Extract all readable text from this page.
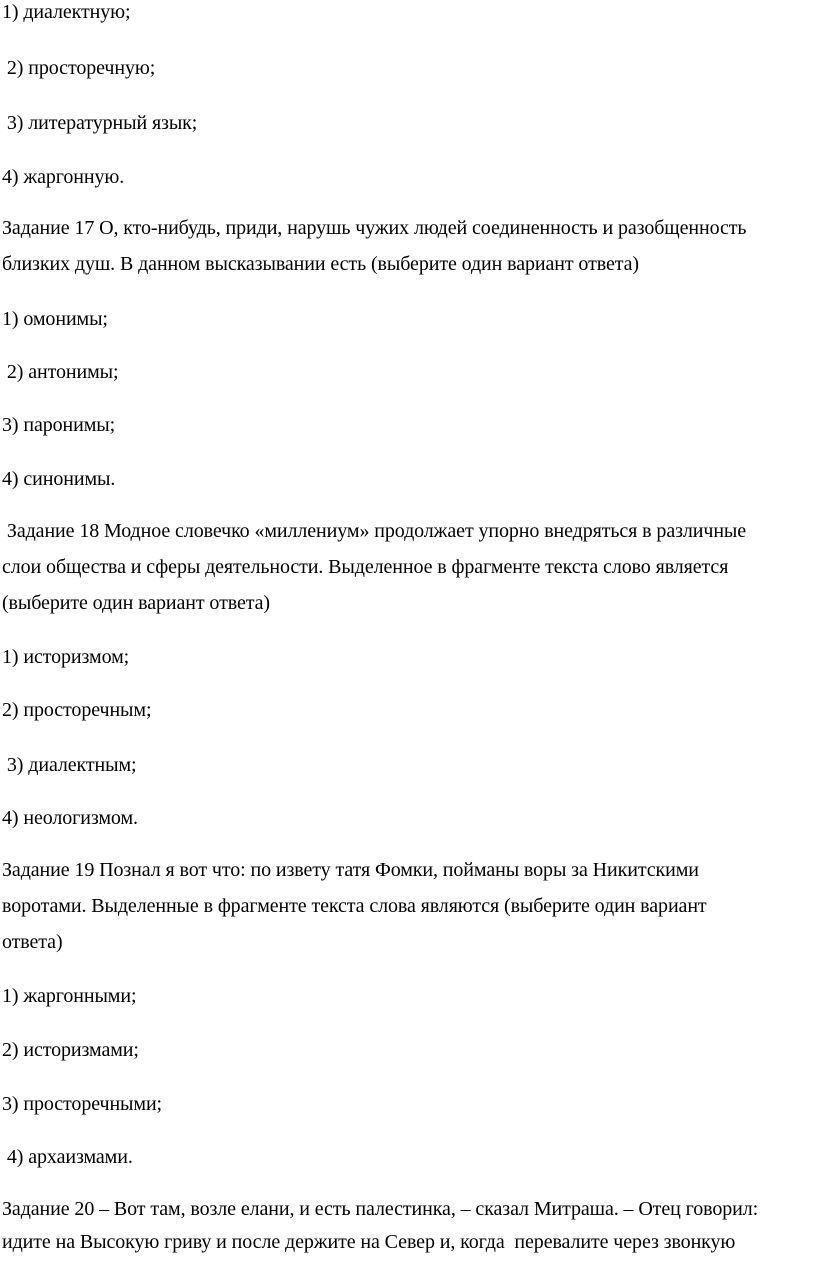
1) диалектную;
2) просторечную;
3) литературный язык;
4) жаргонную.
Задание 17 О, кто-нибудь, приди, нарушь чужих людей соединенность и разобщенность
близких душ. В данном высказывании есть (выберите один вариант ответа)
1) омонимы;
2) антонимы;
3) паронимы;
4) синонимы.
Задание 18 Модное словечко «миллениум» продолжает упорно внедряться в различные
слои общества и сферы деятельности. Выделенное в фрагменте текста слово является
(выберите один вариант ответа)
1) историзмом;
2) просторечным;
3) диалектным;
4) неологизмом.
Задание 19 Познал я вот что: по извету татя Фомки, пойманы воры за Никитскими
воротами. Выделенные в фрагменте текста слова являются (выберите один вариант
ответа)
1) жаргонными;
2) историзмами;
3) просторечными;
4) архаизмами.
Задание 20 – Вот там, возле елани, и есть палестинка, – сказал Митраша. – Отец говорил:
идите на Высокую гриву и после держите на Север и, когда  перевалите через звонкую
